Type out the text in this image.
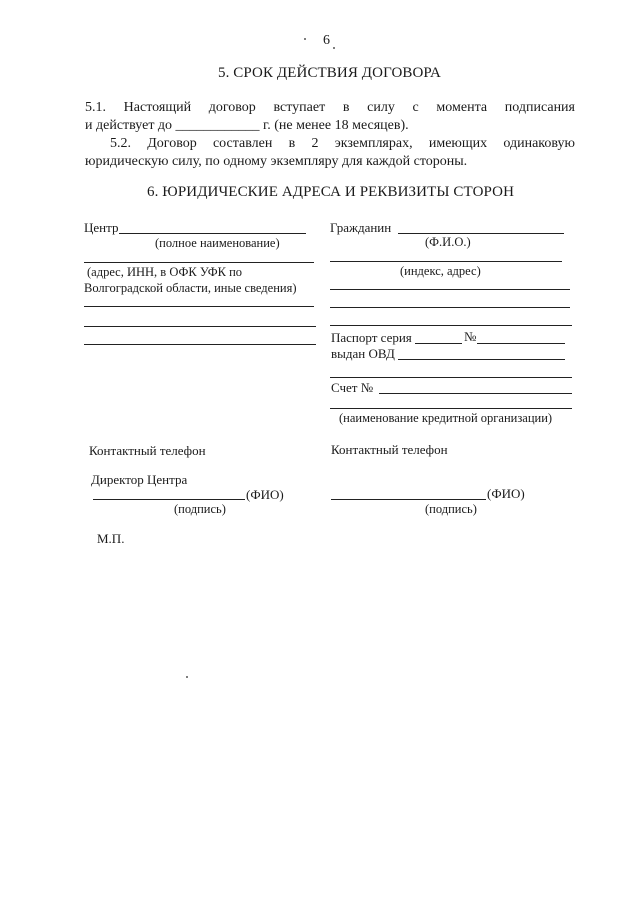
6
5. СРОК ДЕЙСТВИЯ ДОГОВОРА
5.1. Настоящий договор вступает в силу с момента подписания
и действует до ____________ г. (не менее 18 месяцев).
5.2. Договор составлен в 2 экземплярах, имеющих одинаковую
юридическую силу, по одному экземпляру для каждой стороны.
6. ЮРИДИЧЕСКИЕ АДРЕСА И РЕКВИЗИТЫ СТОРОН
Центр
(полное наименование)
(адрес, ИНН, в ОФК УФК по
Волгоградской области, иные сведения)
Контактный телефон
Директор Центра
(ФИО)
(подпись)
М.П.
Гражданин
(Ф.И.О.)
(индекс, адрес)
Паспорт серия	№
выдан ОВД
Счет №
(наименование кредитной организации)
Контактный телефон
(ФИО)
(подпись)
